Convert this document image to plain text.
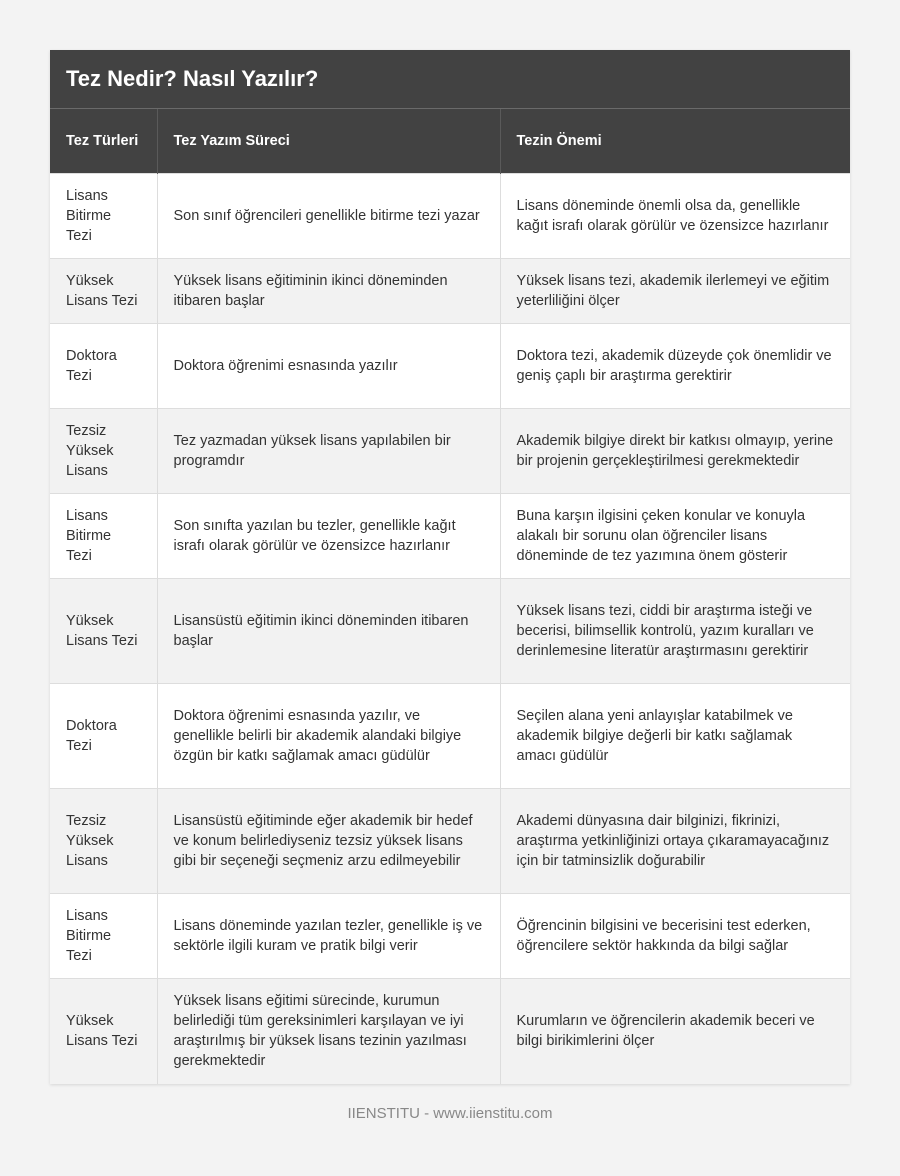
Tez Nedir? Nasıl Yazılır?
Tez Türleri	Tez Yazım Süreci	Tezin Önemi
Lisans Bitirme Tezi	Son sınıf öğrencileri genellikle bitirme tezi yazar	Lisans döneminde önemli olsa da, genellikle kağıt israfı olarak görülür ve özensizce hazırlanır
Yüksek Lisans Tezi	Yüksek lisans eğitiminin ikinci döneminden itibaren başlar	Yüksek lisans tezi, akademik ilerlemeyi ve eğitim yeterliliğini ölçer
Doktora Tezi	Doktora öğrenimi esnasında yazılır	Doktora tezi, akademik düzeyde çok önemlidir ve geniş çaplı bir araştırma gerektirir
Tezsiz Yüksek Lisans	Tez yazmadan yüksek lisans yapılabilen bir programdır	Akademik bilgiye direkt bir katkısı olmayıp, yerine bir projenin gerçekleştirilmesi gerekmektedir
Lisans Bitirme Tezi	Son sınıfta yazılan bu tezler, genellikle kağıt israfı olarak görülür ve özensizce hazırlanır	Buna karşın ilgisini çeken konular ve konuyla alakalı bir sorunu olan öğrenciler lisans döneminde de tez yazımına önem gösterir
Yüksek Lisans Tezi	Lisansüstü eğitimin ikinci döneminden itibaren başlar	Yüksek lisans tezi, ciddi bir araştırma isteği ve becerisi, bilimsellik kontrolü, yazım kuralları ve derinlemesine literatür araştırmasını gerektirir
Doktora Tezi	Doktora öğrenimi esnasında yazılır, ve genellikle belirli bir akademik alandaki bilgiye özgün bir katkı sağlamak amacı güdülür	Seçilen alana yeni anlayışlar katabilmek ve akademik bilgiye değerli bir katkı sağlamak amacı güdülür
Tezsiz Yüksek Lisans	Lisansüstü eğitiminde eğer akademik bir hedef ve konum belirlediyseniz tezsiz yüksek lisans gibi bir seçeneği seçmeniz arzu edilmeyebilir	Akademi dünyasına dair bilginizi, fikrinizi, araştırma yetkinliğinizi ortaya çıkaramayacağınız için bir tatminsizlik doğurabilir
Lisans Bitirme Tezi	Lisans döneminde yazılan tezler, genellikle iş ve sektörle ilgili kuram ve pratik bilgi verir	Öğrencinin bilgisini ve becerisini test ederken, öğrencilere sektör hakkında da bilgi sağlar
Yüksek Lisans Tezi	Yüksek lisans eğitimi sürecinde, kurumun belirlediği tüm gereksinimleri karşılayan ve iyi araştırılmış bir yüksek lisans tezinin yazılması gerekmektedir	Kurumların ve öğrencilerin akademik beceri ve bilgi birikimlerini ölçer
IIENSTITU - www.iienstitu.com
